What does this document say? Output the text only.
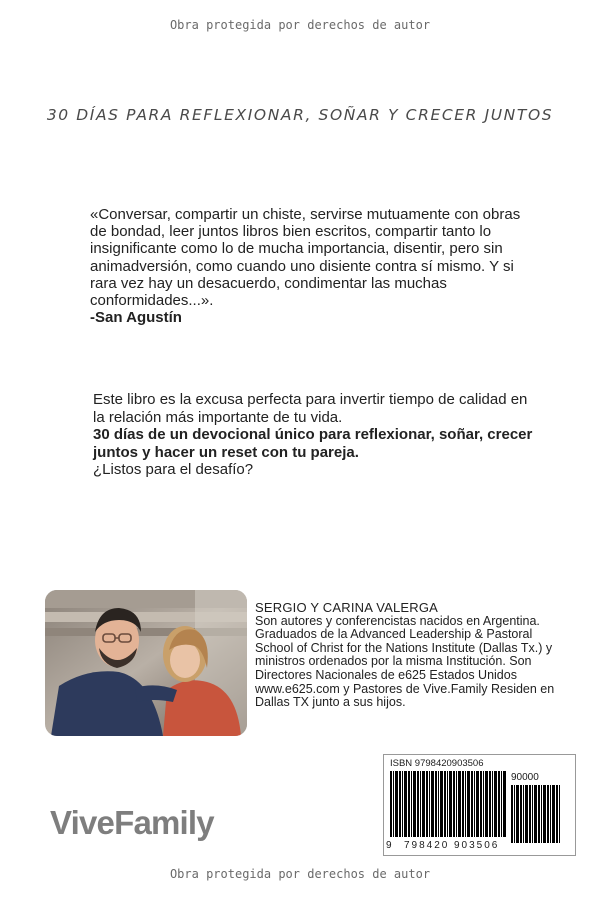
Obra protegida por derechos de autor
30 DÍAS PARA REFLEXIONAR, SOÑAR Y CRECER JUNTOS
«Conversar, compartir un chiste, servirse mutuamente con obras de bondad, leer juntos libros bien escritos, compartir tanto lo insignificante como lo de mucha importancia, disentir, pero sin animadversión, como cuando uno disiente contra sí mismo. Y si rara vez hay un desacuerdo, condimentar las muchas conformidades...».
-San Agustín
Este libro es la excusa perfecta para invertir tiempo de calidad en la relación más importante de tu vida.
30 días de un devocional único para reflexionar, soñar, crecer juntos y hacer un reset con tu pareja.
¿Listos para el desafío?
SERGIO Y CARINA VALERGA
Son autores y conferencistas nacidos en Argentina. Graduados de la Advanced Leadership & Pastoral School of Christ for the Nations Institute (Dallas Tx.) y ministros ordenados por la misma Institución. Son Directores Nacionales de e625 Estados Unidos www.e625.com y Pastores de Vive.Family Residen en Dallas TX junto a sus hijos.
ViveFamily
ISBN 9798420903506
90000
9 798420 903506
Obra protegida por derechos de autor
